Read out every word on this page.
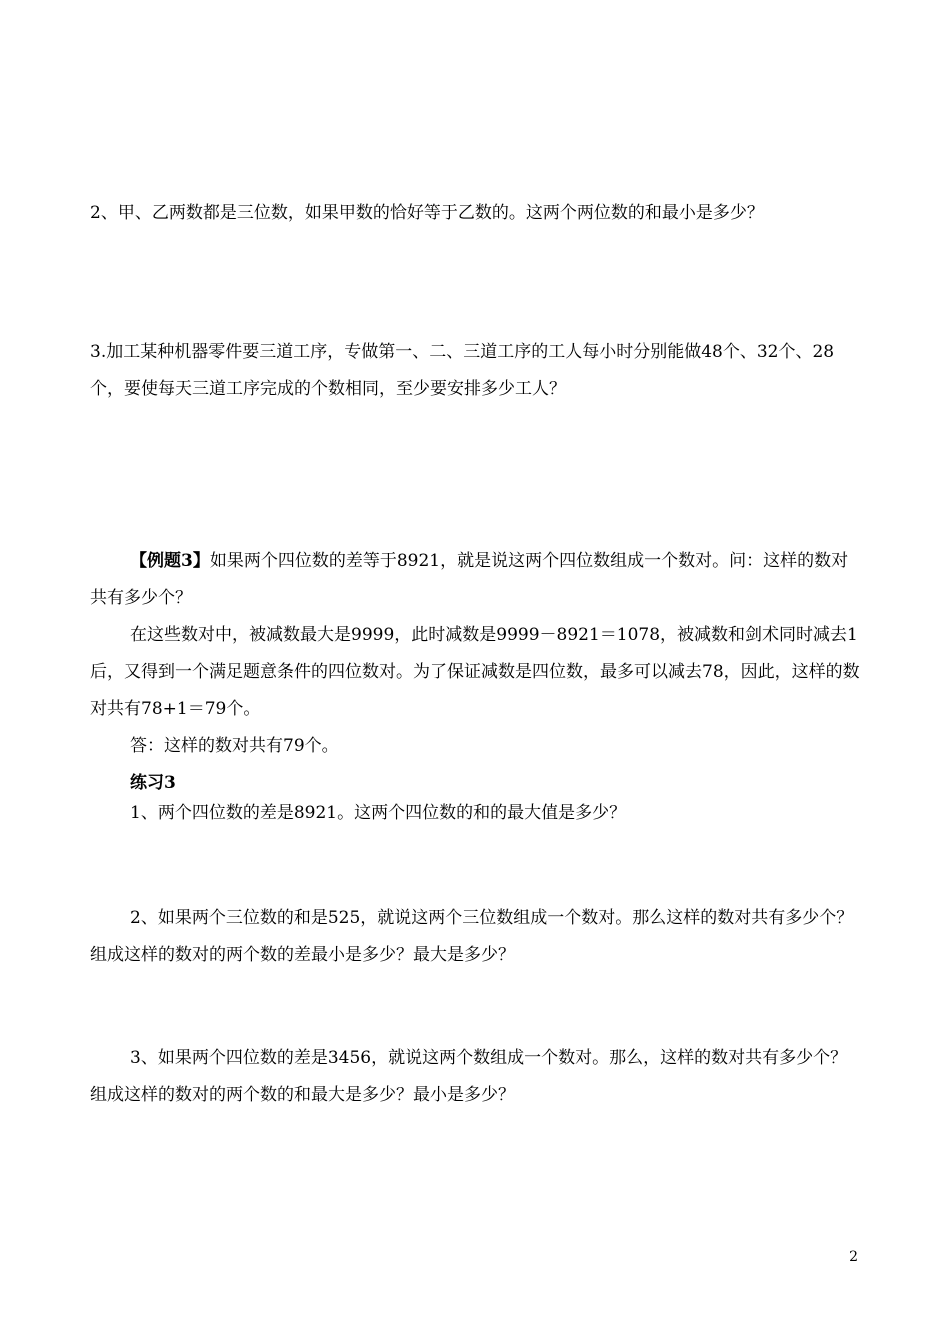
2、甲、乙两数都是三位数，如果甲数的恰好等于乙数的。这两个两位数的和最小是多少？

3.加工某种机器零件要三道工序，专做第一、二、三道工序的工人每小时分别能做48个、32个、28个，要使每天三道工序完成的个数相同，至少要安排多少工人？

【例题3】如果两个四位数的差等于8921，就是说这两个四位数组成一个数对。问：这样的数对共有多少个？

在这些数对中，被减数最大是9999，此时减数是9999－8921＝1078，被减数和剑术同时减去1后，又得到一个满足题意条件的四位数对。为了保证减数是四位数，最多可以减去78，因此，这样的数对共有78+1＝79个。

答：这样的数对共有79个。

练习3

1、两个四位数的差是8921。这两个四位数的和的最大值是多少？

2、如果两个三位数的和是525，就说这两个三位数组成一个数对。那么这样的数对共有多少个？组成这样的数对的两个数的差最小是多少？最大是多少？

3、如果两个四位数的差是3456，就说这两个数组成一个数对。那么，这样的数对共有多少个？组成这样的数对的两个数的和最大是多少？最小是多少？

2
